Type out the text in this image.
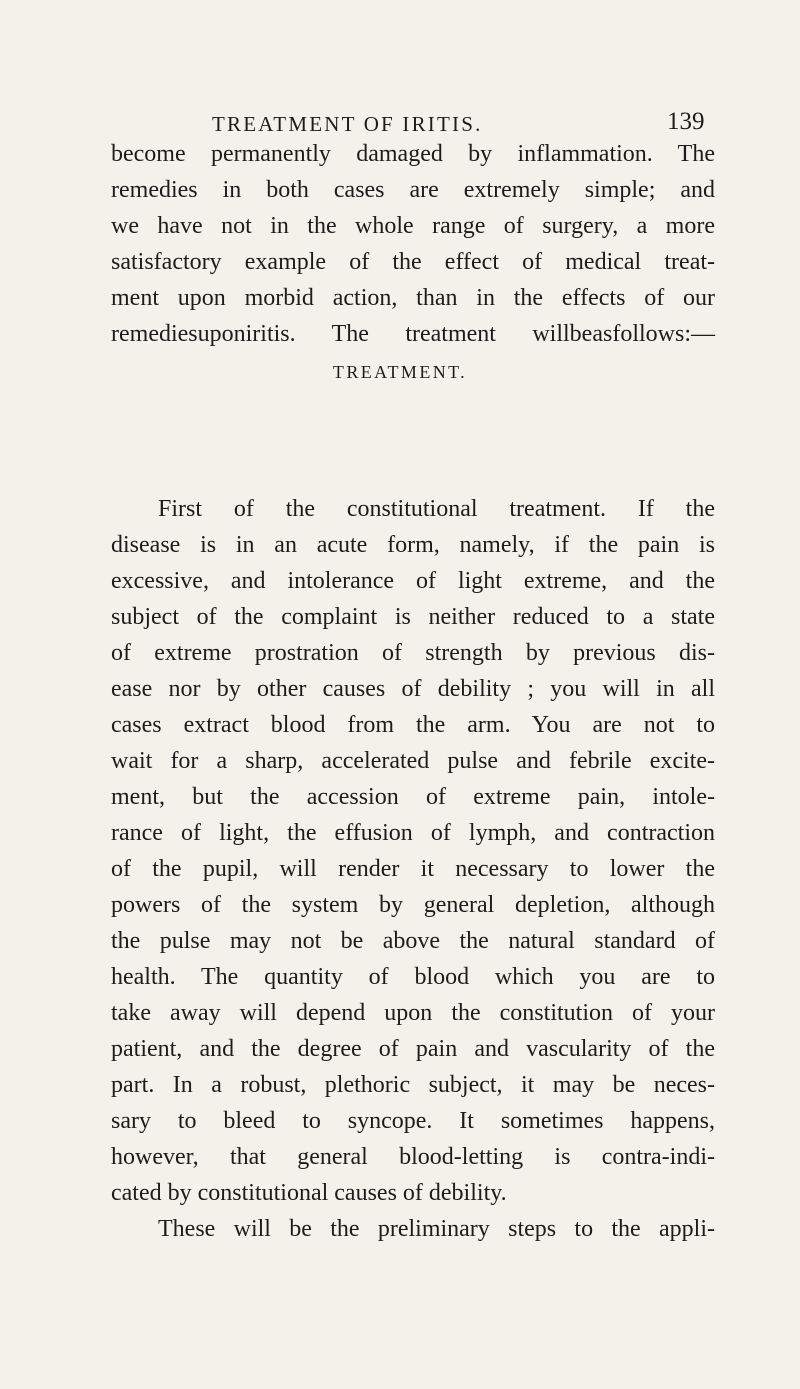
TREATMENT OF IRITIS.	139
become permanently damaged by inflammation. The
remedies in both cases are extremely simple; and
we have not in the whole range of surgery, a more
satisfactory example of the effect of medical treat-
ment upon morbid action, than in the effects of our
remediesuponiritis. The treatment willbeasfollows:—
TREATMENT.
First of the constitutional treatment. If the
disease is in an acute form, namely, if the pain is
excessive, and intolerance of light extreme, and the
subject of the complaint is neither reduced to a state
of extreme prostration of strength by previous dis-
ease nor by other causes of debility ; you will in all
cases extract blood from the arm. You are not to
wait for a sharp, accelerated pulse and febrile excite-
ment, but the accession of extreme pain, intole-
rance of light, the effusion of lymph, and contraction
of the pupil, will render it necessary to lower the
powers of the system by general depletion, although
the pulse may not be above the natural standard of
health. The quantity of blood which you are to
take away will depend upon the constitution of your
patient, and the degree of pain and vascularity of the
part. In a robust, plethoric subject, it may be neces-
sary to bleed to syncope. It sometimes happens,
however, that general blood-letting is contra-indi-
cated by constitutional causes of debility.
These will be the preliminary steps to the appli-
